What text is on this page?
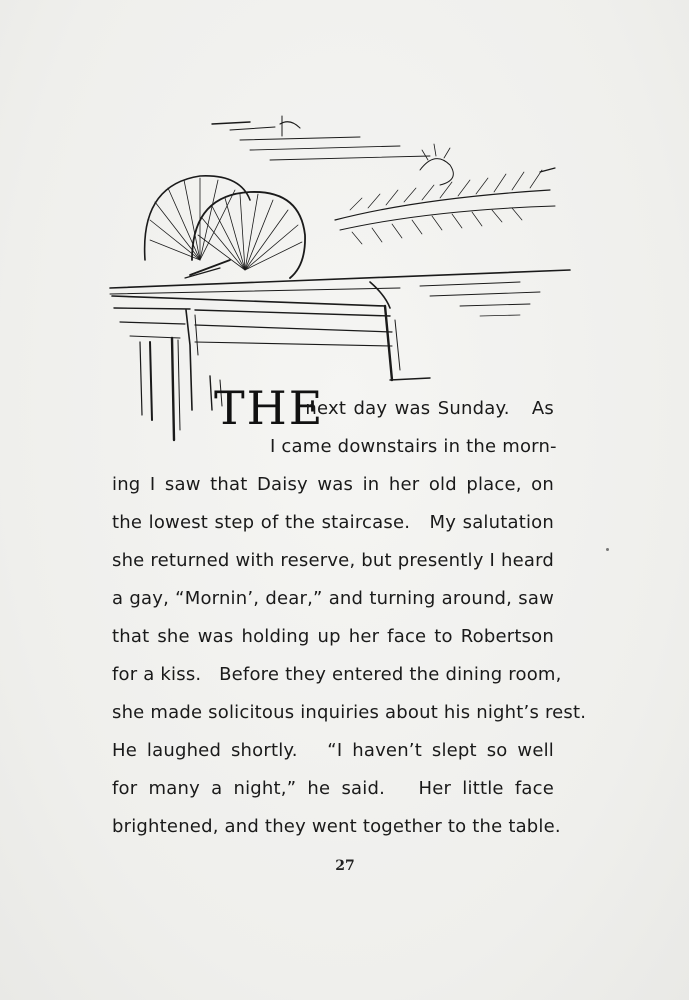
THE
next day was Sunday.   As
I came downstairs in the morn-
ing I saw that Daisy was in her old place, on
the lowest step of the staircase.   My salutation
she returned with reserve, but presently I heard
a gay, “Mornin’, dear,” and turning around, saw
that she was holding up her face to Robertson
for a kiss.   Before they entered the dining room,
she made solicitous inquiries about his night’s rest.
He laughed shortly.   “I haven’t slept so well
for many a night,” he said.   Her little face
brightened, and they went together to the table.
27
